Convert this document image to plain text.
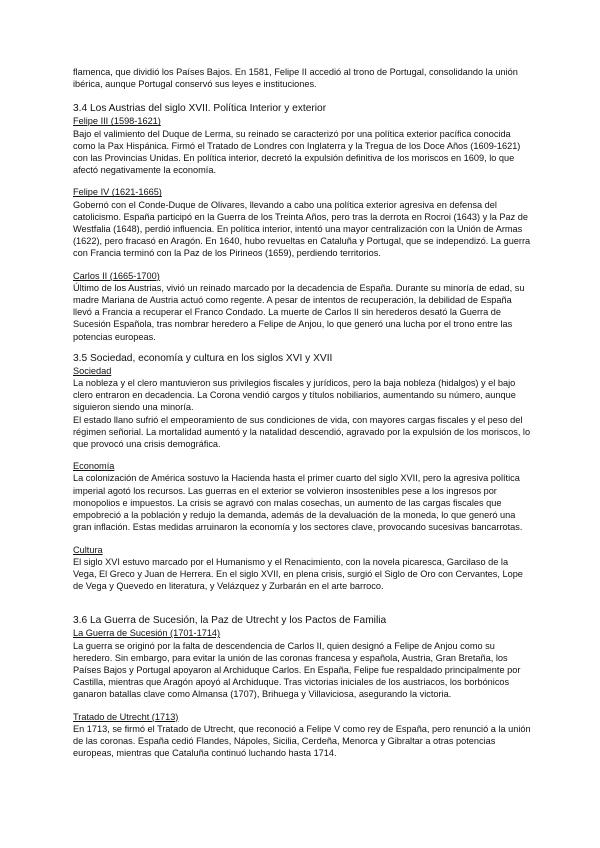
flamenca, que dividió los Países Bajos. En 1581, Felipe II accedió al trono de Portugal, consolidando la unión ibérica, aunque Portugal conservó sus leyes e instituciones.

3.4 Los Austrias del siglo XVII. Política Interior y exterior
Felipe III (1598-1621)

Bajo el valimiento del Duque de Lerma, su reinado se caracterizó por una política exterior pacífica conocida como la Pax Hispánica. Firmó el Tratado de Londres con Inglaterra y la Tregua de los Doce Años (1609-1621) con las Provincias Unidas. En política interior, decretó la expulsión definitiva de los moriscos en 1609, lo que afectó negativamente la economía.

Felipe IV (1621-1665)

Gobernó con el Conde-Duque de Olivares, llevando a cabo una política exterior agresiva en defensa del catolicismo. España participó en la Guerra de los Treinta Años, pero tras la derrota en Rocroi (1643) y la Paz de Westfalia (1648), perdió influencia. En política interior, intentó una mayor centralización con la Unión de Armas (1622), pero fracasó en Aragón. En 1640, hubo revueltas en Cataluña y Portugal, que se independizó. La guerra con Francia terminó con la Paz de los Pirineos (1659), perdiendo territorios.

Carlos II (1665-1700)

Último de los Austrias, vivió un reinado marcado por la decadencia de España. Durante su minoría de edad, su madre Mariana de Austria actuó como regente. A pesar de intentos de recuperación, la debilidad de España llevó a Francia a recuperar el Franco Condado. La muerte de Carlos II sin herederos desató la Guerra de Sucesión Española, tras nombrar heredero a Felipe de Anjou, lo que generó una lucha por el trono entre las potencias europeas.

3.5 Sociedad, economía y cultura en los siglos XVI y XVII
Sociedad

La nobleza y el clero mantuvieron sus privilegios fiscales y jurídicos, pero la baja nobleza (hidalgos) y el bajo clero entraron en decadencia. La Corona vendió cargos y títulos nobiliarios, aumentando su número, aunque siguieron siendo una minoría.

El estado llano sufrió el empeoramiento de sus condiciones de vida, con mayores cargas fiscales y el peso del régimen señorial. La mortalidad aumentó y la natalidad descendió, agravado por la expulsión de los moriscos, lo que provocó una crisis demográfica.

Economía

La colonización de América sostuvo la Hacienda hasta el primer cuarto del siglo XVII, pero la agresiva política imperial agotó los recursos. Las guerras en el exterior se volvieron insostenibles pese a los ingresos por monopolios e impuestos. La crisis se agravó con malas cosechas, un aumento de las cargas fiscales que empobreció a la población y redujo la demanda, además de la devaluación de la moneda, lo que generó una gran inflación. Estas medidas arruinaron la economía y los sectores clave, provocando sucesivas bancarrotas.

Cultura

El siglo XVI estuvo marcado por el Humanismo y el Renacimiento, con la novela picaresca, Garcilaso de la Vega, El Greco y Juan de Herrera. En el siglo XVII, en plena crisis, surgió el Siglo de Oro con Cervantes, Lope de Vega y Quevedo en literatura, y Velázquez y Zurbarán en el arte barroco.

3.6 La Guerra de Sucesión, la Paz de Utrecht y los Pactos de Familia
La Guerra de Sucesión (1701-1714)

La guerra se originó por la falta de descendencia de Carlos II, quien designó a Felipe de Anjou como su heredero. Sin embargo, para evitar la unión de las coronas francesa y española, Austria, Gran Bretaña, los Países Bajos y Portugal apoyaron al Archiduque Carlos. En España, Felipe fue respaldado principalmente por Castilla, mientras que Aragón apoyó al Archiduque. Tras victorias iniciales de los austriacos, los borbónicos ganaron batallas clave como Almansa (1707), Brihuega y Villaviciosa, asegurando la victoria.

Tratado de Utrecht (1713)

En 1713, se firmó el Tratado de Utrecht, que reconoció a Felipe V como rey de España, pero renunció a la unión de las coronas. España cedió Flandes, Nápoles, Sicilia, Cerdeña, Menorca y Gibraltar a otras potencias europeas, mientras que Cataluña continuó luchando hasta 1714.
